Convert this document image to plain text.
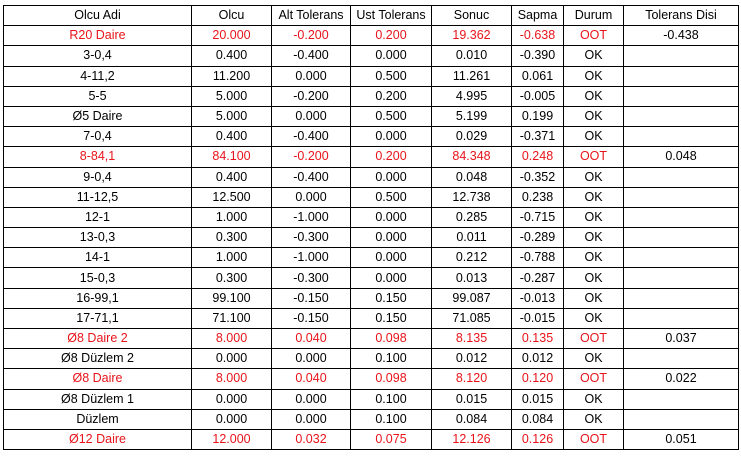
Olcu Adi	Olcu	Alt Tolerans	Ust Tolerans	Sonuc	Sapma	Durum	Tolerans Disi
R20 Daire	20.000	-0.200	0.200	19.362	-0.638	OOT	-0.438
3-0,4	0.400	-0.400	0.000	0.010	-0.390	OK	
4-11,2	11.200	0.000	0.500	11.261	0.061	OK	
5-5	5.000	-0.200	0.200	4.995	-0.005	OK	
Ø5 Daire	5.000	0.000	0.500	5.199	0.199	OK	
7-0,4	0.400	-0.400	0.000	0.029	-0.371	OK	
8-84,1	84.100	-0.200	0.200	84.348	0.248	OOT	0.048
9-0,4	0.400	-0.400	0.000	0.048	-0.352	OK	
11-12,5	12.500	0.000	0.500	12.738	0.238	OK	
12-1	1.000	-1.000	0.000	0.285	-0.715	OK	
13-0,3	0.300	-0.300	0.000	0.011	-0.289	OK	
14-1	1.000	-1.000	0.000	0.212	-0.788	OK	
15-0,3	0.300	-0.300	0.000	0.013	-0.287	OK	
16-99,1	99.100	-0.150	0.150	99.087	-0.013	OK	
17-71,1	71.100	-0.150	0.150	71.085	-0.015	OK	
Ø8 Daire 2	8.000	0.040	0.098	8.135	0.135	OOT	0.037
Ø8 Düzlem 2	0.000	0.000	0.100	0.012	0.012	OK	
Ø8 Daire	8.000	0.040	0.098	8.120	0.120	OOT	0.022
Ø8 Düzlem 1	0.000	0.000	0.100	0.015	0.015	OK	
Düzlem	0.000	0.000	0.100	0.084	0.084	OK	
Ø12 Daire	12.000	0.032	0.075	12.126	0.126	OOT	0.051
